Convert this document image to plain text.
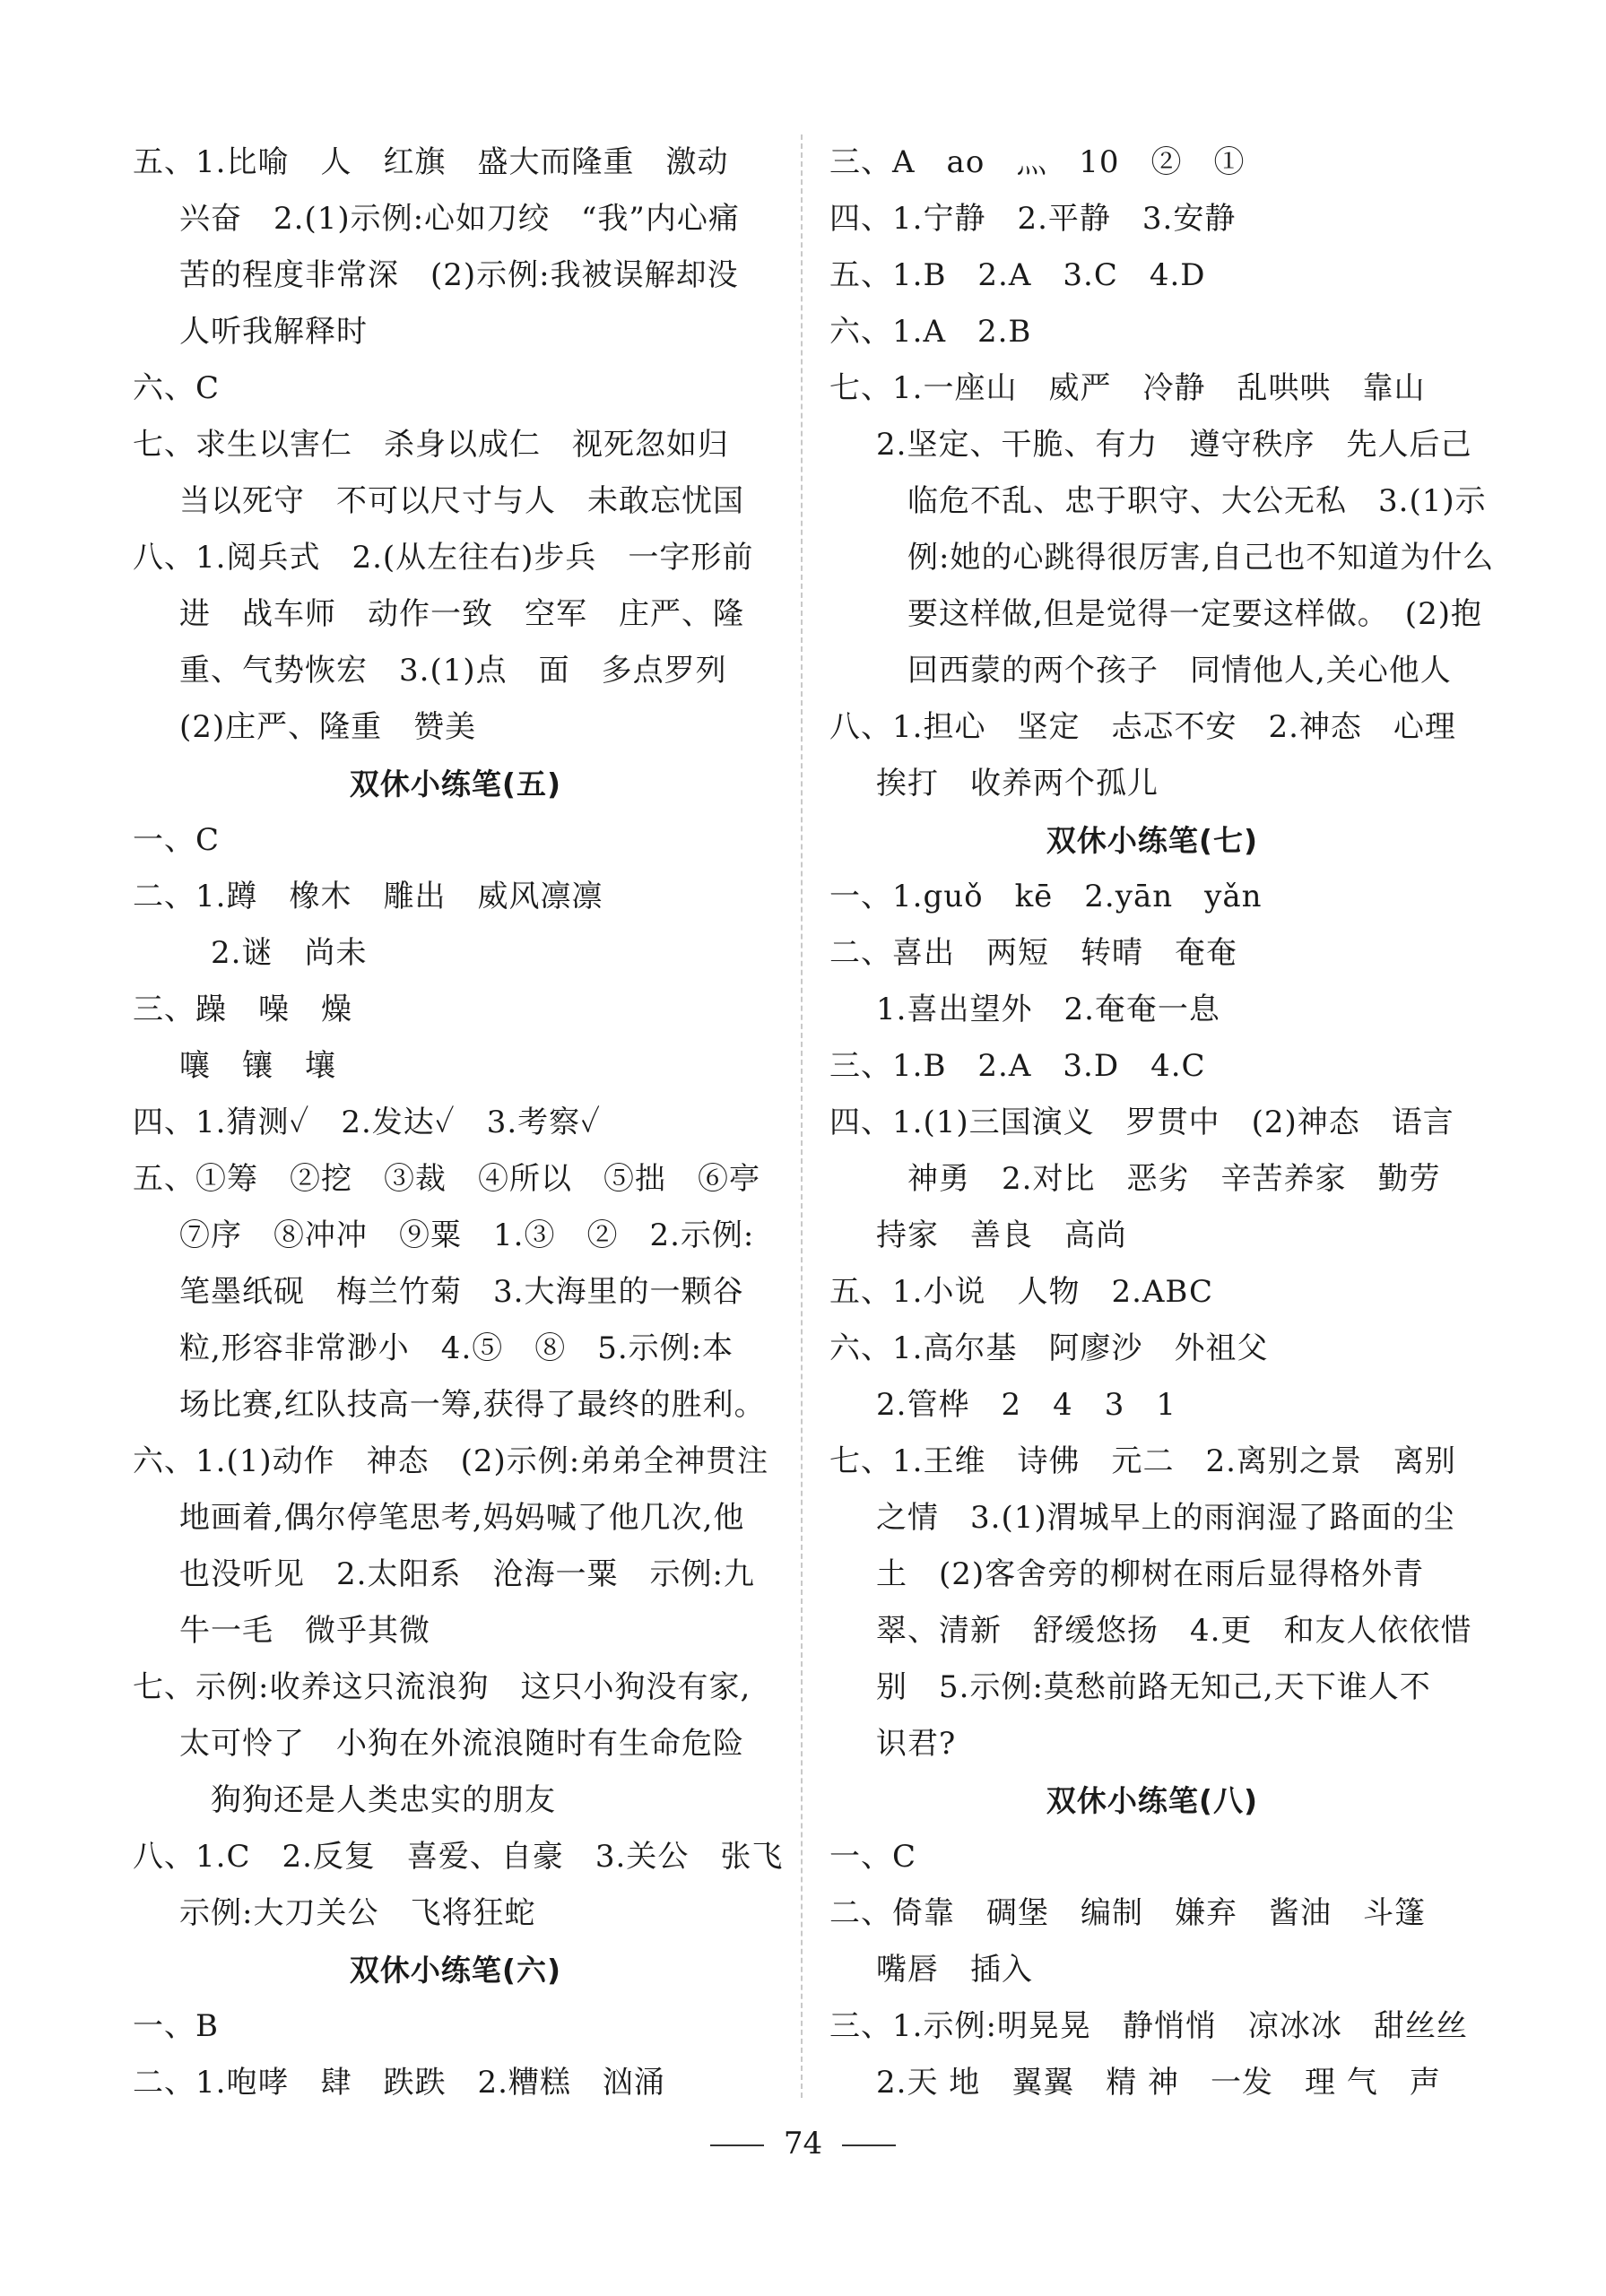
五、1.比喻　人　红旗　盛大而隆重　激动
兴奋　2.(1)示例:心如刀绞　“我”内心痛
苦的程度非常深　(2)示例:我被误解却没
人听我解释时
六、C
七、求生以害仁　杀身以成仁　视死忽如归
当以死守　不可以尺寸与人　未敢忘忧国
八、1.阅兵式　2.(从左往右)步兵　一字形前
进　战车师　动作一致　空军　庄严、隆
重、气势恢宏　3.(1)点　面　多点罗列
(2)庄严、隆重　赞美
双休小练笔(五)
一、C
二、1.蹲　橡木　雕出　威风凛凛
　2.谜　尚未
三、躁　噪　燥
嚷　镶　壤
四、1.猜测✓　2.发达✓　3.考察✓
五、①筹　②挖　③裁　④所以　⑤拙　⑥亭
⑦序　⑧冲冲　⑨粟　1.③　②　2.示例:
笔墨纸砚　梅兰竹菊　3.大海里的一颗谷
粒,形容非常渺小　4.⑤　⑧　5.示例:本
场比赛,红队技高一筹,获得了最终的胜利。
六、1.(1)动作　神态　(2)示例:弟弟全神贯注
地画着,偶尔停笔思考,妈妈喊了他几次,他
也没听见　2.太阳系　沧海一粟　示例:九
牛一毛　微乎其微
七、示例:收养这只流浪狗　这只小狗没有家,
太可怜了　小狗在外流浪随时有生命危险
　狗狗还是人类忠实的朋友
八、1.C　2.反复　喜爱、自豪　3.关公　张飞
示例:大刀关公　飞将狂蛇
双休小练笔(六)
一、B
二、1.咆哮　肆　跌跌　2.糟糕　汹涌
三、A　ao　灬　10　②　①
四、1.宁静　2.平静　3.安静
五、1.B　2.A　3.C　4.D
六、1.A　2.B
七、1.一座山　威严　冷静　乱哄哄　靠山
2.坚定、干脆、有力　遵守秩序　先人后己
　临危不乱、忠于职守、大公无私　3.(1)示
　例:她的心跳得很厉害,自己也不知道为什么
　要这样做,但是觉得一定要这样做。　(2)抱
　回西蒙的两个孩子　同情他人,关心他人
八、1.担心　坚定　忐忑不安　2.神态　心理
挨打　收养两个孤儿
双休小练笔(七)
一、1.guǒ　kē　2.yān　yǎn
二、喜出　两短　转晴　奄奄
1.喜出望外　2.奄奄一息
三、1.B　2.A　3.D　4.C
四、1.(1)三国演义　罗贯中　(2)神态　语言
　神勇　2.对比　恶劣　辛苦养家　勤劳
持家　善良　高尚
五、1.小说　人物　2.ABC
六、1.高尔基　阿廖沙　外祖父
2.管桦　2　4　3　1
七、1.王维　诗佛　元二　2.离别之景　离别
之情　3.(1)渭城早上的雨润湿了路面的尘
土　(2)客舍旁的柳树在雨后显得格外青
翠、清新　舒缓悠扬　4.更　和友人依依惜
别　5.示例:莫愁前路无知己,天下谁人不
识君?
双休小练笔(八)
一、C
二、倚靠　碉堡　编制　嫌弃　酱油　斗篷
嘴唇　插入
三、1.示例:明晃晃　静悄悄　凉冰冰　甜丝丝
2.天 地　翼翼　精 神　一发　理 气　声
74
